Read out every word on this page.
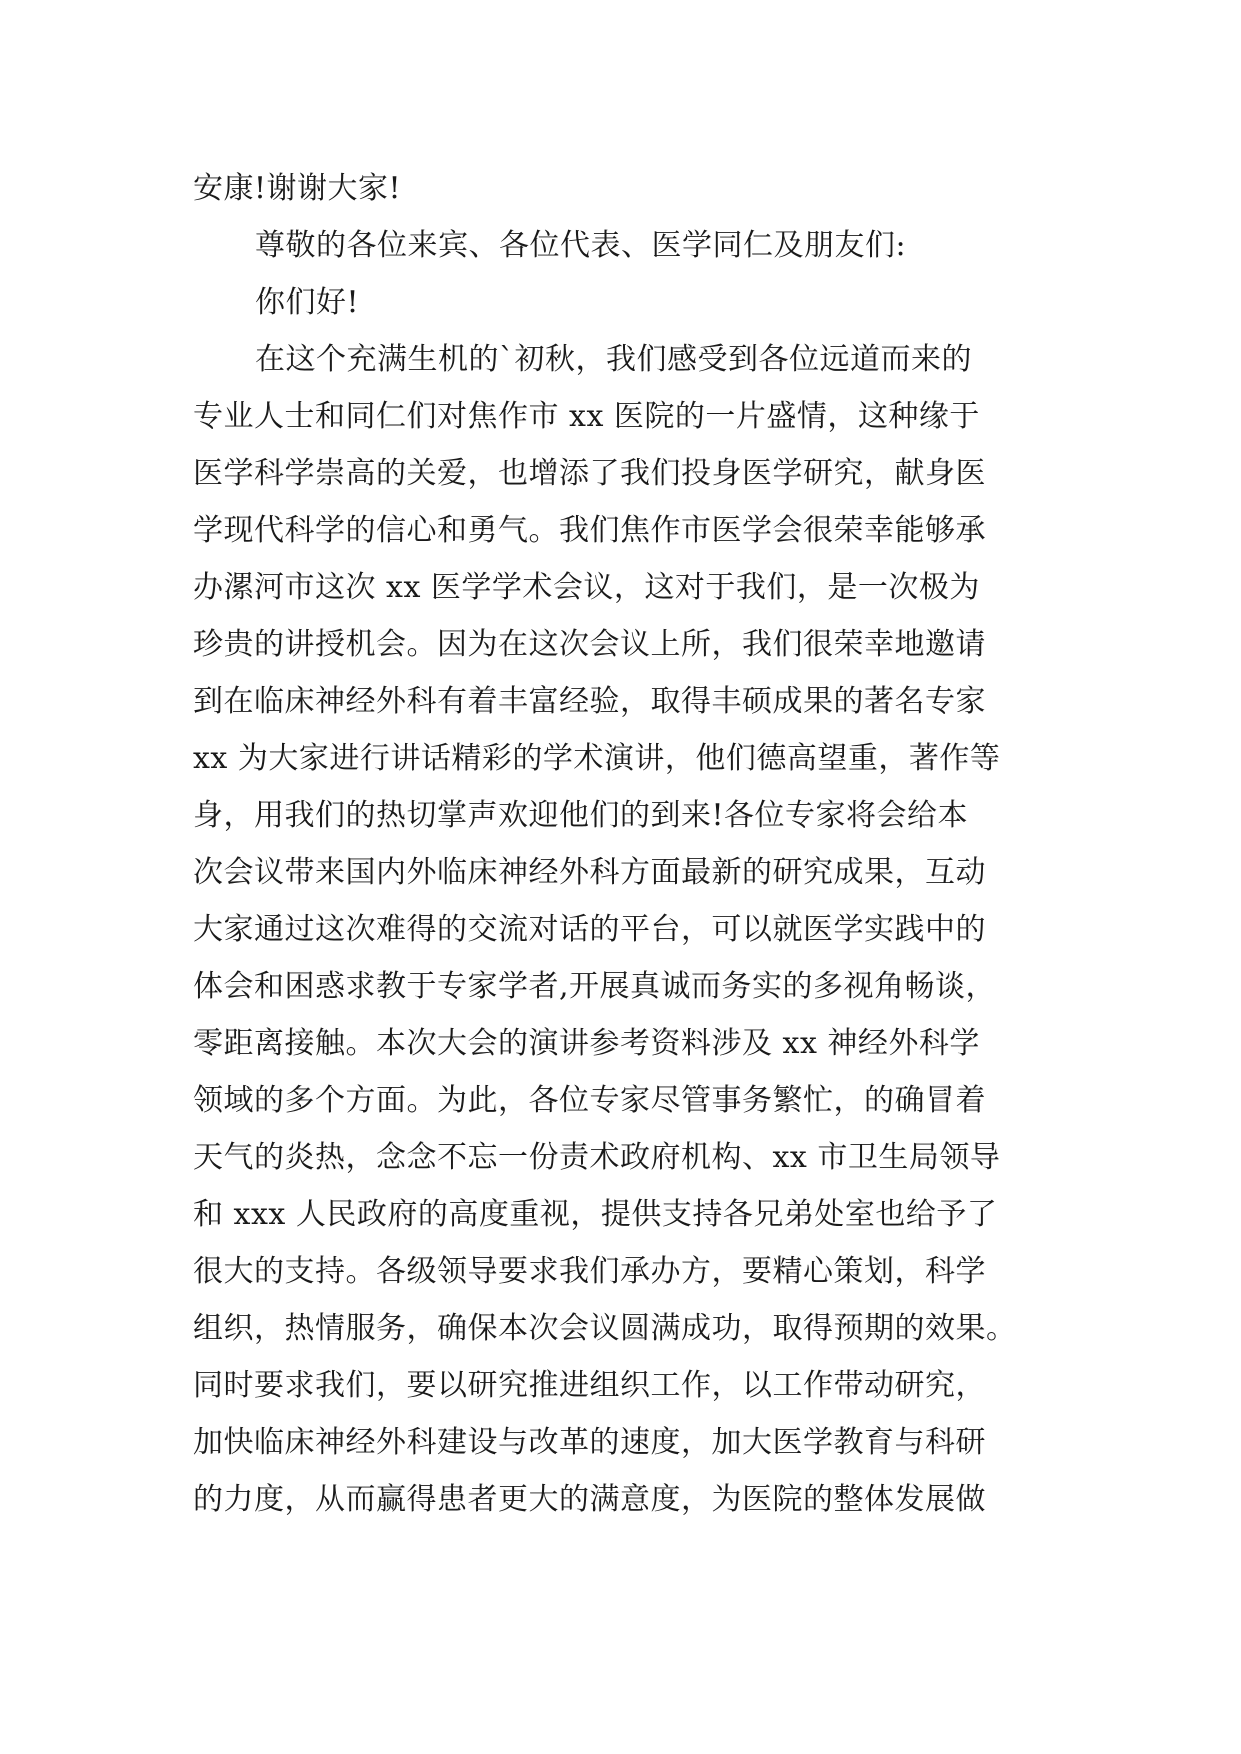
安康!谢谢大家!
尊敬的各位来宾、各位代表、医学同仁及朋友们:
你们好!
在这个充满生机的`初秋，我们感受到各位远道而来的
专业人士和同仁们对焦作市 xx 医院的一片盛情，这种缘于
医学科学崇高的关爱，也增添了我们投身医学研究，献身医
学现代科学的信心和勇气。我们焦作市医学会很荣幸能够承
办漯河市这次 xx 医学学术会议，这对于我们，是一次极为
珍贵的讲授机会。因为在这次会议上所，我们很荣幸地邀请
到在临床神经外科有着丰富经验，取得丰硕成果的著名专家
xx 为大家进行讲话精彩的学术演讲，他们德高望重，著作等
身，用我们的热切掌声欢迎他们的到来!各位专家将会给本
次会议带来国内外临床神经外科方面最新的研究成果，互动
大家通过这次难得的交流对话的平台，可以就医学实践中的
体会和困惑求教于专家学者,开展真诚而务实的多视角畅谈，
零距离接触。本次大会的演讲参考资料涉及 xx 神经外科学
领域的多个方面。为此，各位专家尽管事务繁忙，的确冒着
天气的炎热，念念不忘一份责术政府机构、xx 市卫生局领导
和 xxx 人民政府的高度重视，提供支持各兄弟处室也给予了
很大的支持。各级领导要求我们承办方，要精心策划，科学
组织，热情服务，确保本次会议圆满成功，取得预期的效果。
同时要求我们，要以研究推进组织工作，以工作带动研究，
加快临床神经外科建设与改革的速度，加大医学教育与科研
的力度，从而赢得患者更大的满意度，为医院的整体发展做
